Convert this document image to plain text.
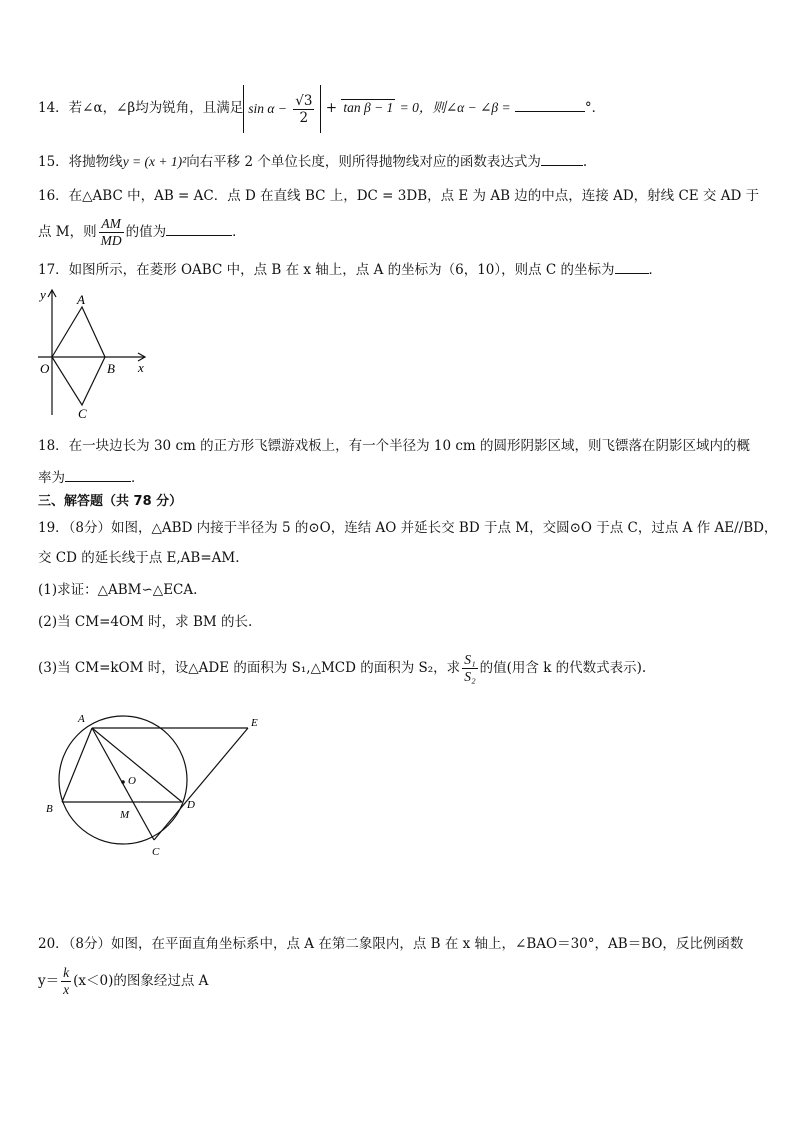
14．若∠α，∠β均为锐角，且满足 $\sin \alpha - \frac{√3}{2} + \tan \beta - 1 = 0$，则∠α − ∠β =	°．
15．将抛物线y = (x + 1)²向右平移 2 个单位长度，则所得抛物线对应的函数表达式为	.
16．在△ABC 中，AB = AC．点 D 在直线 BC 上，DC = 3DB，点 E 为 AB 边的中点，连接 AD，射线 CE 交 AD 于
点 M，则 $\frac{AM}{MD}$ 的值为	．
17．如图所示，在菱形 OABC 中，点 B 在 x 轴上，点 A 的坐标为（6，10），则点 C 的坐标为	．
y
x
A
O	B
C
18．在一块边长为 30 cm 的正方形飞镖游戏板上，有一个半径为 10 cm 的圆形阴影区域，则飞镖落在阴影区域内的概
率为	．
三、解答题（共 78 分）
19．（8分）如图，△ABD 内接于半径为 5 的⊙O，连结 AO 并延长交 BD 于点 M，交圆⊙O 于点 C，过点 A 作 AE//BD，
交 CD 的延长线于点 E,AB=AM.
(1)求证：△ABM∽△ECA.
(2)当 CM=4OM 时，求 BM 的长.
(3)当 CM=kOM 时，设△ADE 的面积为 S₁,△MCD 的面积为 S₂，求 $\frac{\text{S₁}}{\text{S₂}}$ 的值(用含 k 的代数式表示).
A	E
O
B	M
D
C
20．（8分）如图，在平面直角坐标系中，点 A 在第二象限内，点 B 在 x 轴上，∠BAO＝30°，AB＝BO，反比例函数
$y= \frac{k}{x} (x<0)$的图象经过点 A
